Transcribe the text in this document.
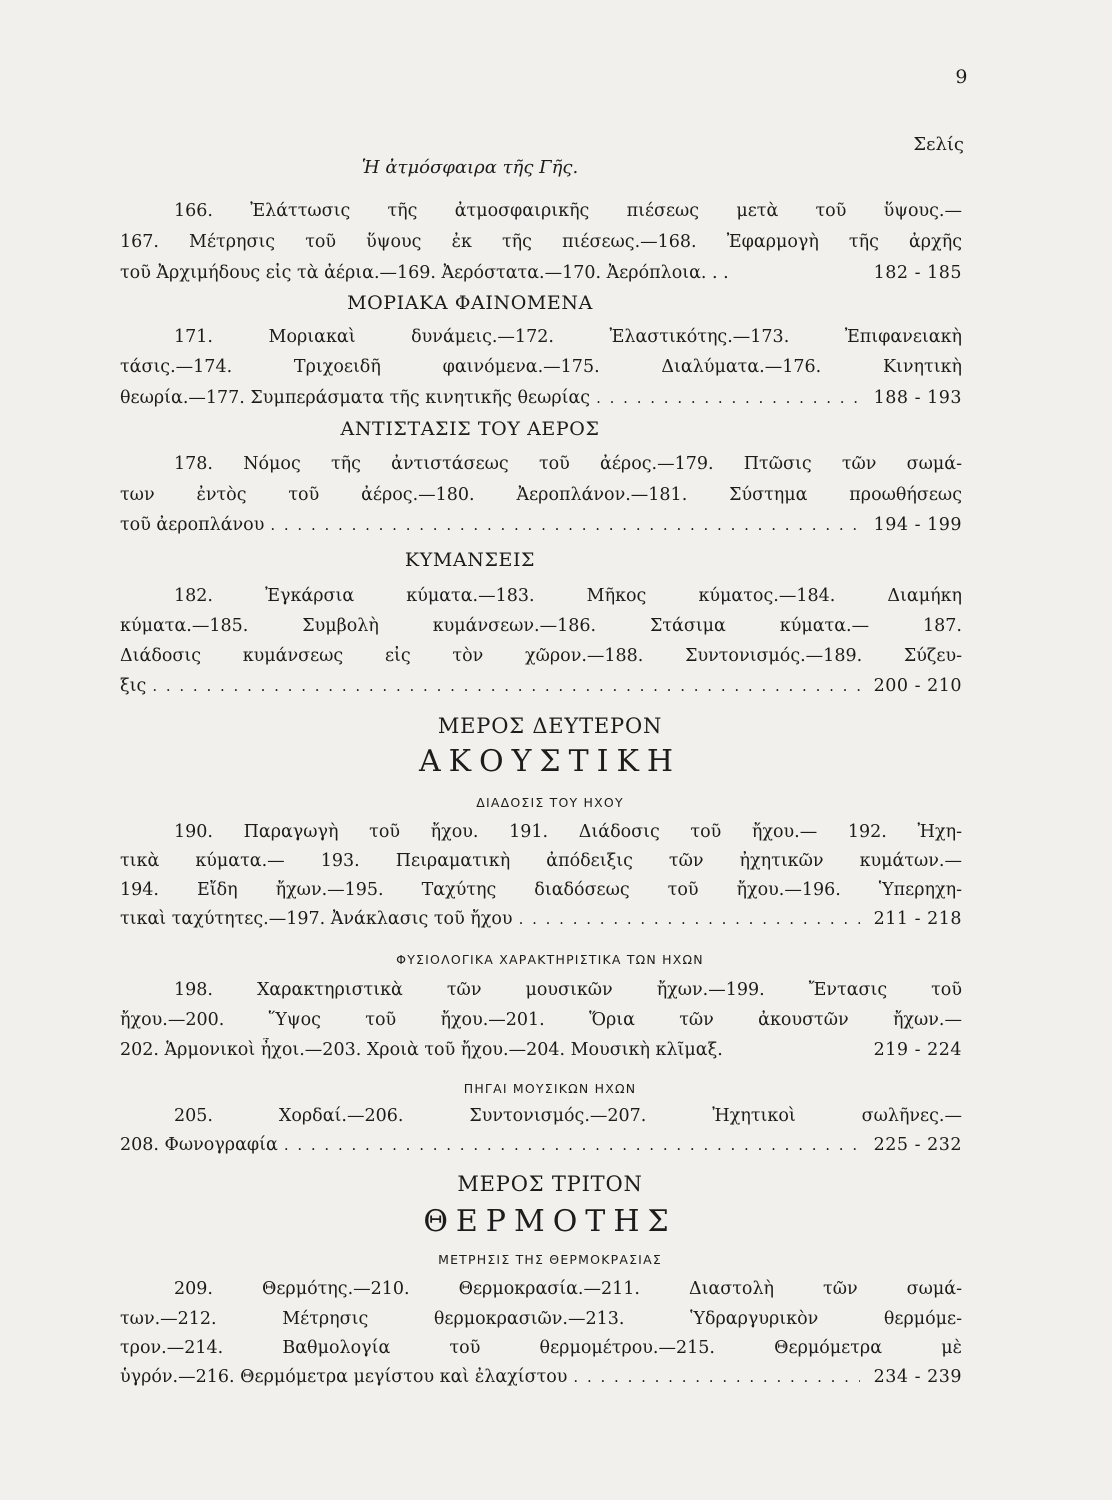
9
Σελίς
Ἡ ἀτμόσφαιρα τῆς Γῆς.
166. Ἐλάττωσις τῆς ἀτμοσφαιρικῆς πιέσεως μετὰ τοῦ ὕψους.—
167. Μέτρησις τοῦ ὕψους ἐκ τῆς πιέσεως.—168. Ἐφαρμογὴ τῆς ἀρχῆς
τοῦ Ἀρχιμήδους εἰς τὰ ἀέρια.—169. Ἀερόστατα.—170. Ἀερόπλοια. . .	182 - 185
ΜΟΡΙΑΚΑ ΦΑΙΝΟΜΕΝΑ
171. Μοριακαὶ δυνάμεις.—172. Ἐλαστικότης.—173. Ἐπιφανειακὴ
τάσις.—174. Τριχοειδῆ φαινόμενα.—175. Διαλύματα.—176. Κινητικὴ
θεωρία.—177. Συμπεράσματα τῆς κινητικῆς θεωρίας . . .	188 - 193
ΑΝΤΙΣΤΑΣΙΣ ΤΟΥ ΑΕΡΟΣ
178. Νόμος τῆς ἀντιστάσεως τοῦ ἀέρος.—179. Πτῶσις τῶν σωμά-
των ἐντὸς τοῦ ἀέρος.—180. Ἀεροπλάνον.—181. Σύστημα προωθήσεως
τοῦ ἀεροπλάνου . . .	194 - 199
ΚΥΜΑΝΣΕΙΣ
182. Ἐγκάρσια κύματα.—183. Μῆκος κύματος.—184. Διαμήκη
κύματα.—185. Συμβολὴ κυμάνσεων.—186. Στάσιμα κύματα.— 187.
Διάδοσις κυμάνσεως εἰς τὸν χῶρον.—188. Συντονισμός.—189. Σύζευ-
ξις . . .	200 - 210
ΜΕΡΟΣ ΔΕΥΤΕΡΟΝ
ΑΚΟΥΣΤΙΚΗ
ΔΙΑΔΟΣΙΣ ΤΟΥ ΗΧΟΥ
190. Παραγωγὴ τοῦ ἤχου. 191. Διάδοσις τοῦ ἤχου.— 192. Ἠχη-
τικὰ κύματα.— 193. Πειραματικὴ ἀπόδειξις τῶν ἠχητικῶν κυμάτων.—
194. Εἴδη ἤχων.—195. Ταχύτης διαδόσεως τοῦ ἤχου.—196. Ὑπερηχη-
τικαὶ ταχύτητες.—197. Ἀνάκλασις τοῦ ἤχου . . .	211 - 218
ΦΥΣΙΟΛΟΓΙΚΑ ΧΑΡΑΚΤΗΡΙΣΤΙΚΑ ΤΩΝ ΗΧΩΝ
198. Χαρακτηριστικὰ τῶν μουσικῶν ἤχων.—199. Ἔντασις τοῦ
ἤχου.—200. Ὕψος τοῦ ἤχου.—201. Ὅρια τῶν ἀκουστῶν ἤχων.—
202. Ἁρμονικοὶ ἦχοι.—203. Χροιὰ τοῦ ἤχου.—204. Μουσικὴ κλῖμαξ.	219 - 224
ΠΗΓΑΙ ΜΟΥΣΙΚΩΝ ΗΧΩΝ
205. Χορδαί.—206. Συντονισμός.—207. Ἠχητικοὶ σωλῆνες.—
208. Φωνογραφία . . .	225 - 232
ΜΕΡΟΣ ΤΡΙΤΟΝ
ΘΕΡΜΟΤΗΣ
ΜΕΤΡΗΣΙΣ ΤΗΣ ΘΕΡΜΟΚΡΑΣΙΑΣ
209. Θερμότης.—210. Θερμοκρασία.—211. Διαστολὴ τῶν σωμά-
των.—212. Μέτρησις θερμοκρασιῶν.—213. Ὑδραργυρικὸν θερμόμε-
τρον.—214. Βαθμολογία τοῦ θερμομέτρου.—215. Θερμόμετρα μὲ
ὑγρόν.—216. Θερμόμετρα μεγίστου καὶ ἐλαχίστου . . .	234 - 239
